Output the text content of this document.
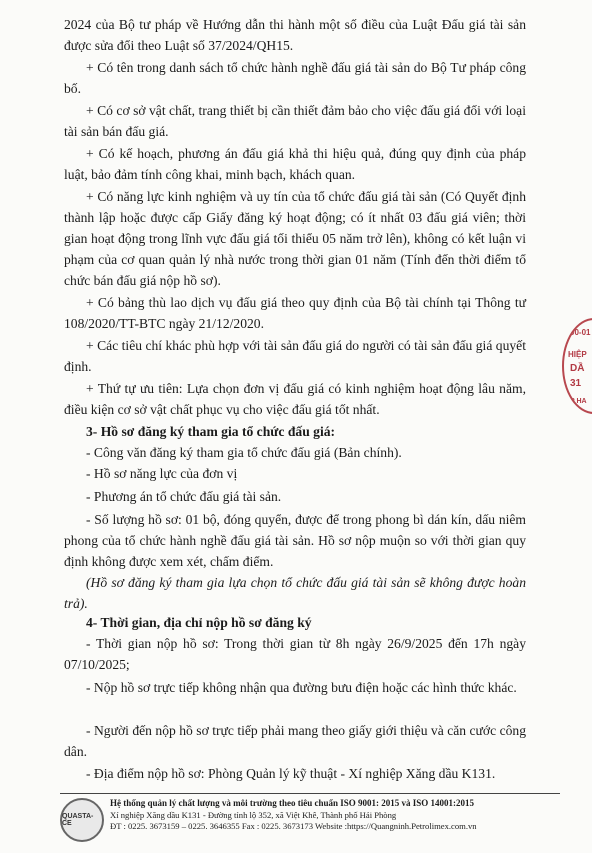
2024 của Bộ tư pháp về Hướng dẫn thi hành một số điều của Luật Đấu giá tài sản được sửa đổi theo Luật số 37/2024/QH15.

+ Có tên trong danh sách tổ chức hành nghề đấu giá tài sản do Bộ Tư pháp công bố.

+ Có cơ sở vật chất, trang thiết bị cần thiết đảm bảo cho việc đấu giá đối với loại tài sản bán đấu giá.

+ Có kế hoạch, phương án đấu giá khả thi hiệu quả, đúng quy định của pháp luật, bảo đảm tính công khai, minh bạch, khách quan.

+ Có năng lực kinh nghiệm và uy tín của tổ chức đấu giá tài sản (Có Quyết định thành lập hoặc được cấp Giấy đăng ký hoạt động; có ít nhất 03 đấu giá viên; thời gian hoạt động trong lĩnh vực đấu giá tối thiểu 05 năm trở lên), không có kết luận vi phạm của cơ quan quản lý nhà nước trong thời gian 01 năm (Tính đến thời điểm tổ chức bán đấu giá nộp hồ sơ).

+ Có bảng thù lao dịch vụ đấu giá theo quy định của Bộ tài chính tại Thông tư 108/2020/TT-BTC ngày 21/12/2020.

+ Các tiêu chí khác phù hợp với tài sản đấu giá do người có tài sản đấu giá quyết định.

+ Thứ tự ưu tiên: Lựa chọn đơn vị đấu giá có kinh nghiệm hoạt động lâu năm, điều kiện cơ sở vật chất phục vụ cho việc đấu giá tốt nhất.

3- Hồ sơ đăng ký tham gia tổ chức đấu giá:

- Công văn đăng ký tham gia tổ chức đấu giá (Bản chính).

- Hồ sơ năng lực của đơn vị

- Phương án tổ chức đấu giá tài sản.

- Số lượng hồ sơ: 01 bộ, đóng quyển, được để trong phong bì dán kín, dấu niêm phong của tổ chức hành nghề đấu giá tài sản. Hồ sơ nộp muộn so với thời gian quy định không được xem xét, chấm điểm.

(Hồ sơ đăng ký tham gia lựa chọn tổ chức đấu giá tài sản sẽ không được hoàn trả).

4- Thời gian, địa chỉ nộp hồ sơ đăng ký

- Thời gian nộp hồ sơ: Trong thời gian từ 8h ngày 26/9/2025 đến 17h ngày 07/10/2025;

- Nộp hồ sơ trực tiếp không nhận qua đường bưu điện hoặc các hình thức khác.

- Người đến nộp hồ sơ trực tiếp phải mang theo giấy giới thiệu và căn cước công dân.

- Địa điểm nộp hồ sơ: Phòng Quản lý kỹ thuật - Xí nghiệp Xăng dầu K131.

90-01
HIỆP
DẦ
31
P HA
QUASTA-CE
Hệ thống quản lý chất lượng và môi trường theo tiêu chuẩn ISO 9001: 2015 và ISO 14001:2015
Xí nghiệp Xăng dầu K131 - Đường tỉnh lộ 352, xã Việt Khê, Thành phố Hải Phòng
ĐT : 0225. 3673159 – 0225. 3646355 Fax : 0225. 3673173 Website :https://Quangninh.Petrolimex.com.vn
